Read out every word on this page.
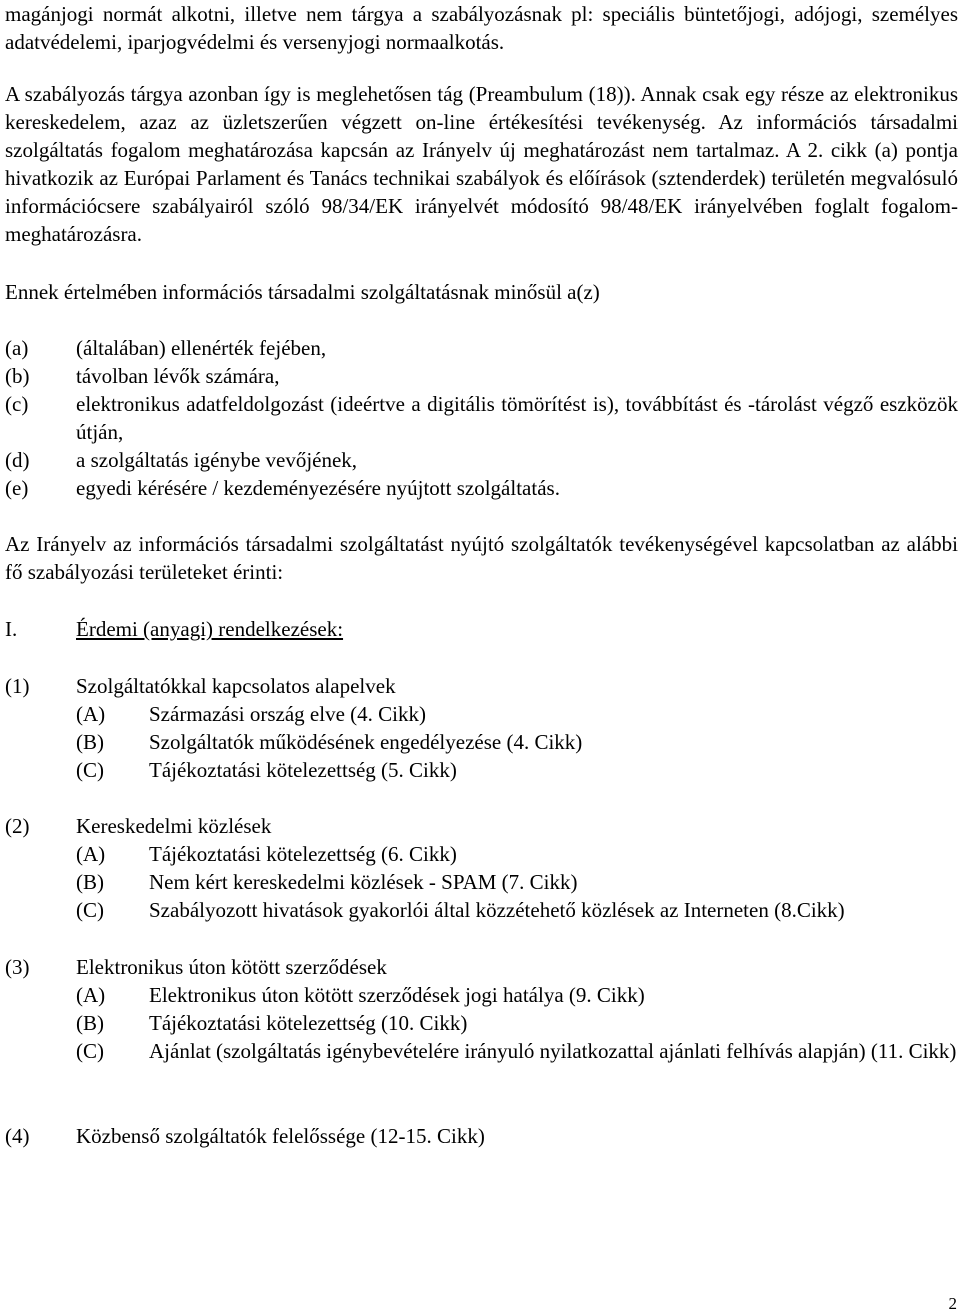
magánjogi normát alkotni, illetve nem tárgya a szabályozásnak pl: speciális büntetőjogi, adójogi, személyes adatvédelemi, iparjogvédelmi és versenyjogi normaalkotás.

A szabályozás tárgya azonban így is meglehetősen tág (Preambulum (18)). Annak csak egy része az elektronikus kereskedelem, azaz az üzletszerűen végzett on-line értékesítési tevékenység. Az információs társadalmi szolgáltatás fogalom meghatározása kapcsán az Irányelv új meghatározást nem tartalmaz. A 2. cikk (a) pontja hivatkozik az Európai Parlament és Tanács technikai szabályok és előírások (sztenderdek) területén megvalósuló információcsere szabályairól szóló 98/34/EK irányelvét módosító 98/48/EK irányelvében foglalt fogalom-meghatározásra.

Ennek értelmében információs társadalmi szolgáltatásnak minősül a(z)

(a)	(általában) ellenérték fejében,
(b)	távolban lévők számára,
(c)	elektronikus adatfeldolgozást (ideértve a digitális tömörítést is), továbbítást és -tárolást végző eszközök útján,
(d)	a szolgáltatás igénybe vevőjének,
(e)	egyedi kérésére / kezdeményezésére nyújtott szolgáltatás.

Az Irányelv az információs társadalmi szolgáltatást nyújtó szolgáltatók tevékenységével kapcsolatban az alábbi fő szabályozási területeket érinti:

I.	Érdemi (anyagi) rendelkezések:
(1)	Szolgáltatókkal kapcsolatos alapelvek
(A)	Származási ország elve (4. Cikk)
(B)	Szolgáltatók működésének engedélyezése (4. Cikk)
(C)	Tájékoztatási kötelezettség (5. Cikk)
(2)	Kereskedelmi közlések
(A)	Tájékoztatási kötelezettség (6. Cikk)
(B)	Nem kért kereskedelmi közlések - SPAM (7. Cikk)
(C)	Szabályozott hivatások gyakorlói által közzétehető közlések az Interneten (8.Cikk)
(3)	Elektronikus úton kötött szerződések
(A)	Elektronikus úton kötött szerződések jogi hatálya (9. Cikk)
(B)	Tájékoztatási kötelezettség (10. Cikk)
(C)	Ajánlat (szolgáltatás igénybevételére irányuló nyilatkozattal ajánlati felhívás alapján) (11. Cikk)
(4)	Közbenső szolgáltatók felelőssége (12-15. Cikk)
2
